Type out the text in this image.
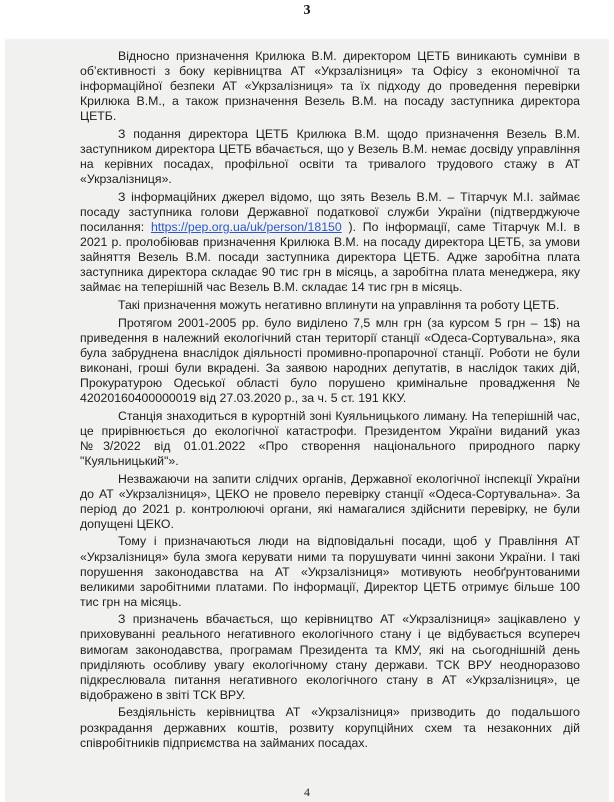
3

Відносно призначення Крилюка В.М. директором ЦЕТБ виникають сумніви в об’єктивності з боку керівництва АТ «Укрзалізниця» та Офісу з економічної та інформаційної безпеки АТ «Укрзалізниця» та їх підходу до проведення перевірки Крилюка В.М., а також призначення Везель В.М. на посаду заступника директора ЦЕТБ.

З подання директора ЦЕТБ Крилюка В.М. щодо призначення Везель В.М. заступником директора ЦЕТБ вбачається, що у Везель В.М. немає досвіду управління на керівних посадах, профільної освіти та тривалого трудового стажу в АТ «Укрзалізниця».

З інформаційних джерел відомо, що зять Везель В.М. – Тітарчук М.І. займає посаду заступника голови Державної податкової служби України (підтверджуюче посилання: https://pep.org.ua/uk/person/18150 ). По інформації, саме Тітарчук М.І. в 2021 р. пролобіював призначення Крилюка В.М. на посаду директора ЦЕТБ, за умови зайняття Везель В.М. посади заступника директора ЦЕТБ. Адже заробітна плата заступника директора складає 90 тис грн в місяць, а заробітна плата менеджера, яку займає на теперішній час Везель В.М. складає 14 тис грн в місяць.

Такі призначення можуть негативно вплинути на управління та роботу ЦЕТБ.

Протягом 2001-2005 рр. було виділено 7,5 млн грн (за курсом 5 грн – 1$) на приведення в належний екологічний стан території станції «Одеса-Сортувальна», яка була забруднена внаслідок діяльності промивно-пропарочної станції. Роботи не були виконані, гроші були вкрадені. За заявою народних депутатів, в наслідок таких дій, Прокуратурою Одеської області було порушено кримінальне провадження № 42020160400000019 від 27.03.2020 р., за ч. 5 ст. 191 ККУ.

Станція знаходиться в курортній зоні Куяльницького лиману. На теперішній час, це прирівнюється до екологічної катастрофи. Президентом України виданий указ №3/2022 від 01.01.2022 «Про створення національного природного парку "Куяльницький"».

Незважаючи на запити слідчих органів, Державної екологічної інспекції України до АТ «Укрзалізниця», ЦЕКО не провело перевірку станції «Одеса-Сортувальна». За період до 2021 р. контролюючі органи, які намагалися здійснити перевірку, не були допущені ЦЕКО.

Тому і призначаються люди на відповідальні посади, щоб у Правління АТ «Укрзалізниця» була змога керувати ними та порушувати чинні закони України. І такі порушення законодавства на АТ «Укрзалізниця» мотивують необґрунтованими великими заробітними платами. По інформації, Директор ЦЕТБ отримує більше 100 тис грн на місяць.

З призначень вбачається, що керівництво АТ «Укрзалізниця» зацікавлено у приховуванні реального негативного екологічного стану і це відбувається всупереч вимогам законодавства, програмам Президента та КМУ, які на сьогоднішній день приділяють особливу увагу екологічному стану держави. ТСК ВРУ неодноразово підкреслювала питання негативного екологічного стану в АТ «Укрзалізниця», це відображено в звіті ТСК ВРУ.

Бездіяльність керівництва АТ «Укрзалізниця» призводить до подальшого розкрадання державних коштів, розвиту корупційних схем та незаконних дій співробітників підприємства на займаних посадах.

4
